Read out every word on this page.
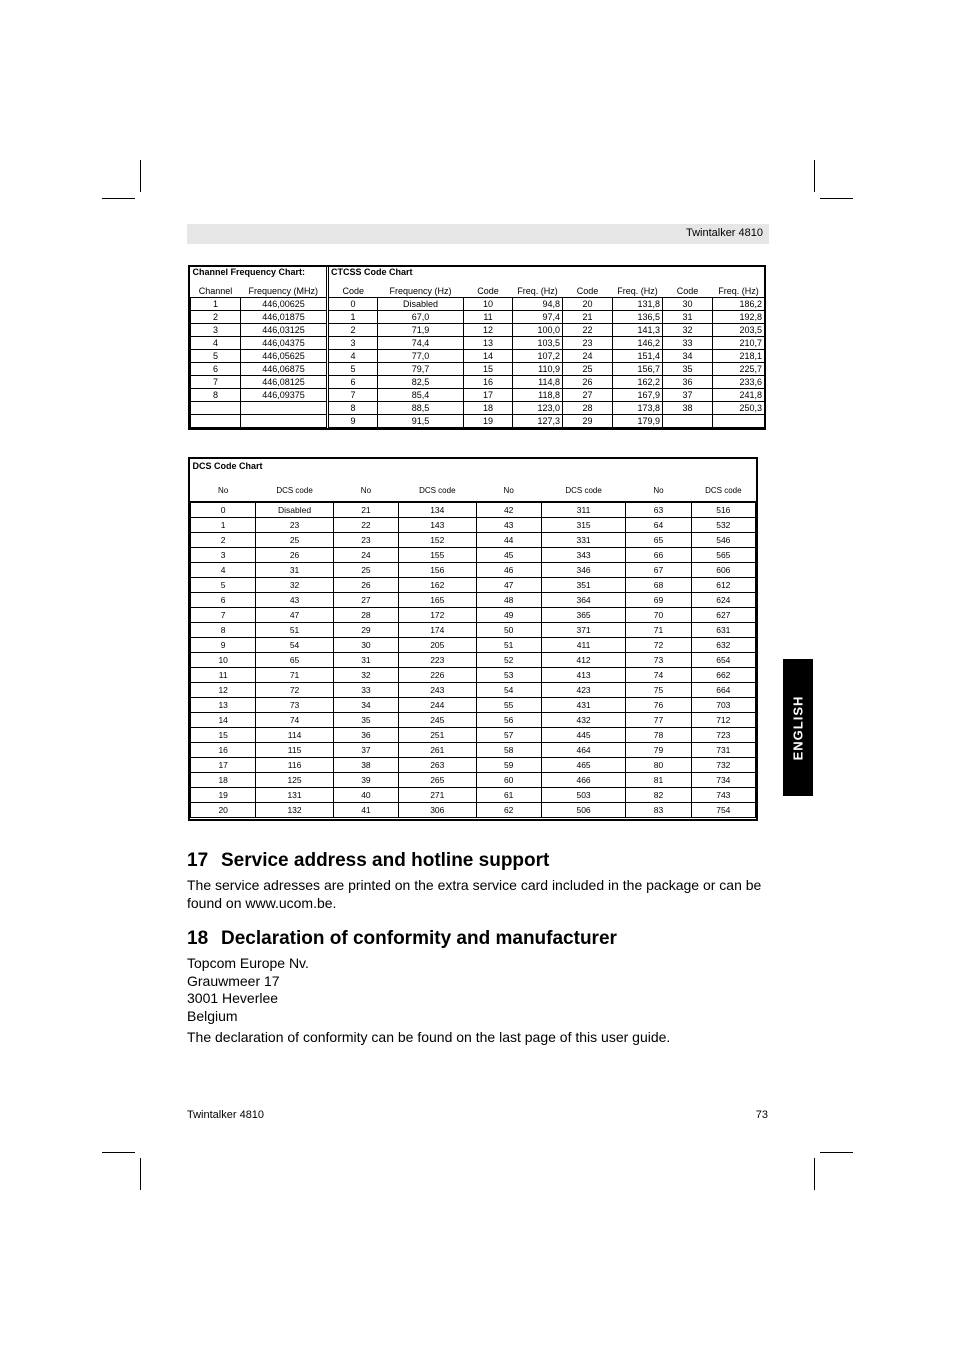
Twintalker 4810
Channel Frequency Chart:		CTCSS Code Chart							
Channel	Frequency (MHz)	Code	Frequency (Hz)	Code	Freq. (Hz)	Code	Freq. (Hz)	Code	Freq. (Hz)
1	446,00625	0	Disabled	10	94,8	20	131,8	30	186,2
2	446,01875	1	67,0	11	97,4	21	136,5	31	192,8
3	446,03125	2	71,9	12	100,0	22	141,3	32	203,5
4	446,04375	3	74,4	13	103,5	23	146,2	33	210,7
5	446,05625	4	77,0	14	107,2	24	151,4	34	218,1
6	446,06875	5	79,7	15	110,9	25	156,7	35	225,7
7	446,08125	6	82,5	16	114,8	26	162,2	36	233,6
8	446,09375	7	85,4	17	118,8	27	167,9	37	241,8
		8	88,5	18	123,0	28	173,8	38	250,3
		9	91,5	19	127,3	29	179,9		
DCS Code Chart							
No	DCS code	No	DCS code	No	DCS code	No	DCS code
0	Disabled	21	134	42	311	63	516
1	23	22	143	43	315	64	532
2	25	23	152	44	331	65	546
3	26	24	155	45	343	66	565
4	31	25	156	46	346	67	606
5	32	26	162	47	351	68	612
6	43	27	165	48	364	69	624
7	47	28	172	49	365	70	627
8	51	29	174	50	371	71	631
9	54	30	205	51	411	72	632
10	65	31	223	52	412	73	654
11	71	32	226	53	413	74	662
12	72	33	243	54	423	75	664
13	73	34	244	55	431	76	703
14	74	35	245	56	432	77	712
15	114	36	251	57	445	78	723
16	115	37	261	58	464	79	731
17	116	38	263	59	465	80	732
18	125	39	265	60	466	81	734
19	131	40	271	61	503	82	743
20	132	41	306	62	506	83	754
ENGLISH
17 Service address and hotline support
The service adresses are printed on the extra service card included in the package or can be
found on www.ucom.be.
18 Declaration of conformity and manufacturer
Topcom Europe Nv.
Grauwmeer 17
3001 Heverlee
Belgium
The declaration of conformity can be found on the last page of this user guide.
Twintalker 4810	73
